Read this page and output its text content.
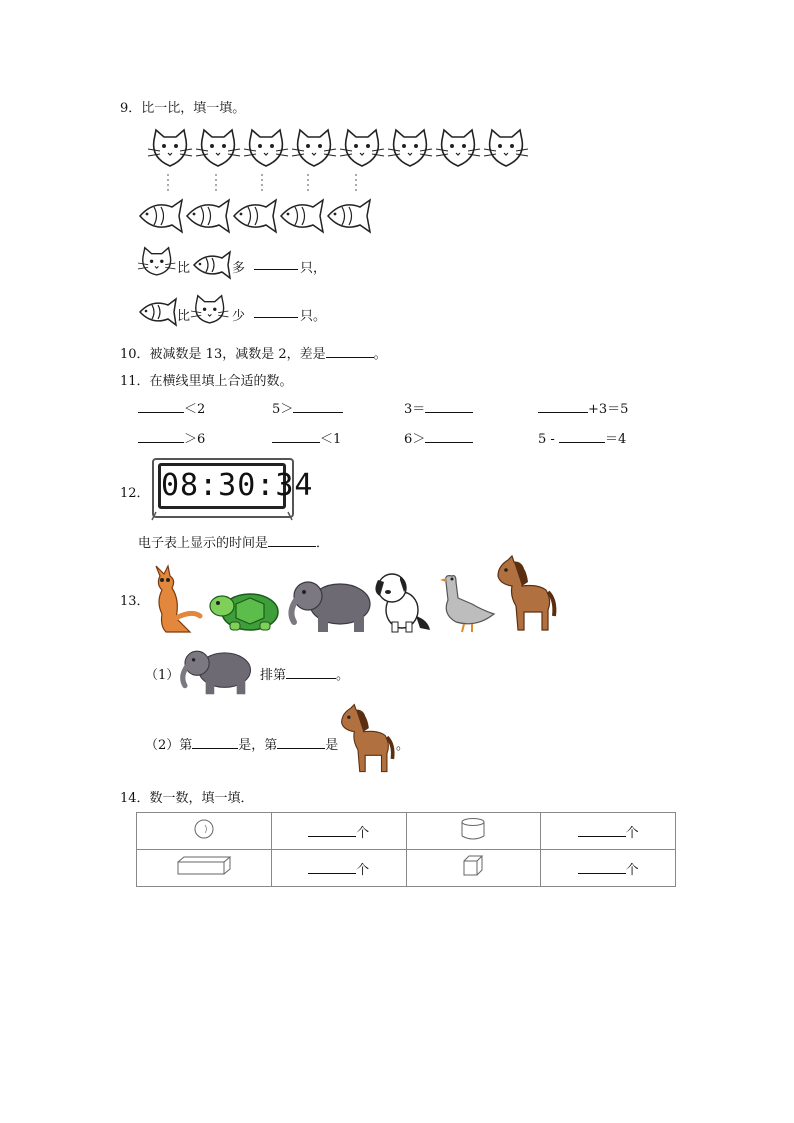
9．比一比，填一填。
比	多	只，
比	少	只。
10．被减数是 13，减数是 2，差是	。
11．在横线里填上合适的数。
＜2	5＞	3＝	+3＝5
＞6	＜1	6＞	5 -	＝4
12． 08:30:34
电子表上显示的时间是	．
13．
（1）	排第	。
（2）第	是，第	是	。
14．数一数，填一填．
	个		个
	个		个
